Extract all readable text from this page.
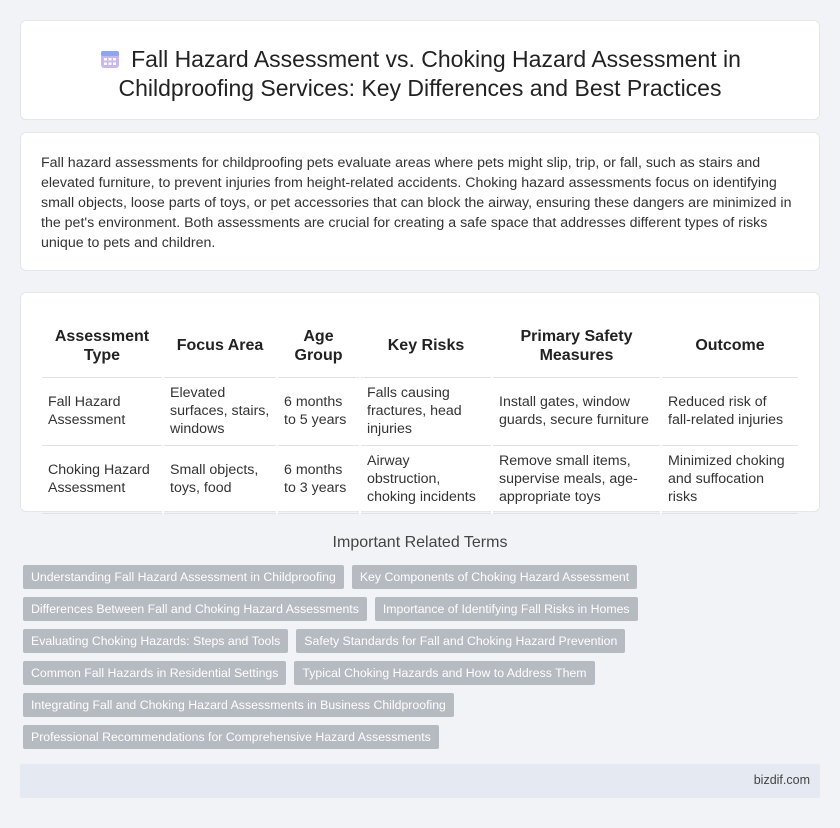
Fall Hazard Assessment vs. Choking Hazard Assessment in Childproofing Services: Key Differences and Best Practices

Fall hazard assessments for childproofing pets evaluate areas where pets might slip, trip, or fall, such as stairs and elevated furniture, to prevent injuries from height-related accidents. Choking hazard assessments focus on identifying small objects, loose parts of toys, or pet accessories that can block the airway, ensuring these dangers are minimized in the pet's environment. Both assessments are crucial for creating a safe space that addresses different types of risks unique to pets and children.

Assessment Type	Focus Area	Age Group	Key Risks	Primary Safety Measures	Outcome
Fall Hazard Assessment	Elevated surfaces, stairs, windows	6 months to 5 years	Falls causing fractures, head injuries	Install gates, window guards, secure furniture	Reduced risk of fall-related injuries
Choking Hazard Assessment	Small objects, toys, food	6 months to 3 years	Airway obstruction, choking incidents	Remove small items, supervise meals, age-appropriate toys	Minimized choking and suffocation risks
Important Related Terms
Understanding Fall Hazard Assessment in Childproofing	Key Components of Choking Hazard Assessment
Differences Between Fall and Choking Hazard Assessments	Importance of Identifying Fall Risks in Homes
Evaluating Choking Hazards: Steps and Tools	Safety Standards for Fall and Choking Hazard Prevention
Common Fall Hazards in Residential Settings	Typical Choking Hazards and How to Address Them
Integrating Fall and Choking Hazard Assessments in Business Childproofing
Professional Recommendations for Comprehensive Hazard Assessments
bizdif.com
